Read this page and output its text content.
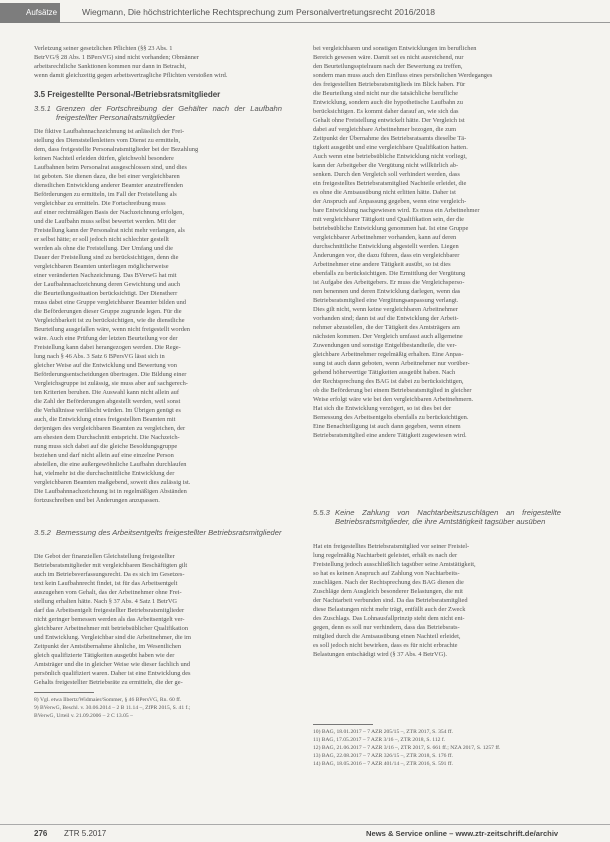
Aufsätze	Wiegmann, Die höchstrichterliche Rechtsprechung zum Personalvertretungsrecht 2016/2018
Verletzung seiner gesetzlichen Pflichten (§§ 23 Abs. 1
BetrVG/§ 28 Abs. 1 BPersVG) sind nicht vorhanden; Obmänner
arbeitsrechtliche Sanktionen kommen nur dann in Betracht,
wenn damit gleichzeitig gegen arbeitsvertragliche Pflichten verstoßen wird.
3.5 Freigestellte Personal-/Betriebsratsmitglieder
3.5.1 Grenzen der Fortschreibung der Gehälter nach der Laufbahn freigestellter Personalratsmitglieder
Die fiktive Laufbahnnachzeichnung ist anlässlich der Frei-
stellung des Dienststellenleiters vom Dienst zu ermitteln,
dem, dass freigestellte Personalratsmitglieder bei der Bezahlung
keinen Nachteil erleiden dürfen, gleichwohl besondere
Laufbahnen beim Personalrat ausgeschlossen sind, und dies
ist geboten. Sie dienen dazu, die bei einer vergleichbaren
dienstlichen Entwicklung anderer Beamter anzutreffenden
Beförderungen zu ermitteln, im Fall der Freistellung als
vergleichbar zu ermitteln. Die Fortschreibung muss
auf einer rechtmäßigen Basis der Nachzeichnung erfolgen,
und die Laufbahn muss selbst bewertet werden. Mit der
Freistellung kann der Personalrat nicht mehr verlangen, als
er selbst hätte; er soll jedoch nicht schlechter gestellt
werden als ohne die Freistellung. Der Umfang und die
Dauer der Freistellung sind zu berücksichtigen, denn die
vergleichbaren Beamten unterliegen möglicherweise
einer veränderten Nachzeichnung. Das BVerwG hat mit
der Laufbahnnachzeichnung deren Gewichtung und auch
die Beurteilungssituation berücksichtigt. Der Dienstherr
muss dabei eine Gruppe vergleichbarer Beamter bilden und
die Beförderungen dieser Gruppe zugrunde legen. Für die
Vergleichbarkeit ist zu berücksichtigen, wie die dienstliche
Beurteilung ausgefallen wäre, wenn nicht freigestellt worden
wäre. Auch eine Prüfung der letzten Beurteilung vor der
Freistellung kann dabei herangezogen werden. Die Rege-
lung nach § 46 Abs. 3 Satz 6 BPersVG lässt sich in
gleicher Weise auf die Entwicklung und Bewertung von
Beförderungsentscheidungen übertragen. Die Bildung einer
Vergleichsgruppe ist zulässig, sie muss aber auf sachgerech-
ten Kriterien beruhen. Die Auswahl kann nicht allein auf
die Zahl der Beförderungen abgestellt werden, weil sonst
die Verhältnisse verfälscht würden. Im Übrigen genügt es
auch, die Entwicklung eines freigestellten Beamten mit
derjenigen des vergleichbaren Beamten zu vergleichen, der
am ehesten dem Durchschnitt entspricht. Die Nachzeich-
nung muss sich dabei auf die gleiche Besoldungsgruppe
beziehen und darf nicht allein auf eine einzelne Person
abstellen, die eine außergewöhnliche Laufbahn durchlaufen
hat, vielmehr ist die durchschnittliche Entwicklung der
vergleichbaren Beamten maßgebend, soweit dies zulässig ist.
Die Laufbahnnachzeichnung ist in regelmäßigen Abständen
fortzuschreiben und bei Änderungen anzupassen.
3.5.2 Bemessung des Arbeitsentgelts freigestellter Betriebsratsmitglieder
Die Gebot der finanziellen Gleichstellung freigestellter
Betriebsratsmitglieder mit vergleichbaren Beschäftigten gilt
auch im Betriebsverfassungsrecht. Da es sich im Gesetzes-
text kein Laufbahnrecht findet, ist für das Arbeitsentgelt
auszugehen vom Gehalt, das der Arbeitnehmer ohne Frei-
stellung erhalten hätte. Nach § 37 Abs. 4 Satz 1 BetrVG
darf das Arbeitsentgelt freigestellter Betriebsratsmitglieder
nicht geringer bemessen werden als das Arbeitsentgelt ver-
gleichbarer Arbeitnehmer mit betriebsüblicher Qualifikation
und Entwicklung. Vergleichbar sind die Arbeitnehmer, die im
Zeitpunkt der Amtsübernahme ähnliche, im Wesentlichen
gleich qualifizierte Tätigkeiten ausgeübt haben wie der
Amtsträger und die in gleicher Weise wie dieser fachlich und
persönlich qualifiziert waren. Daher ist eine Entwicklung des
Gehalts freigestellter Betriebsräte zu ermitteln, die der ge-
8) Vgl. etwa Ilbertz/Widmaier/Sommer, § 46 BPersVG, Rn. 60 ff.
9) BVerwG, Beschl. v. 30.06.2014 – 2 B 11.14 –, ZfPR 2015, S. 41 f.;
BVerwG, Urteil v. 21.09.2006 – 2 C 13.05 –
bei vergleichbaren und sonstigen Entwicklungen im beruflichen
Bereich gewesen wäre. Damit sei es nicht ausreichend, nur
den Beurteilungsspielraum nach der Bewertung zu treffen,
sondern man muss auch den Einfluss eines persönlichen Werdeganges
des freigestellten Betriebsratsmitglieds im Blick haben. Für
die Beurteilung sind nicht nur die tatsächliche berufliche
Entwicklung, sondern auch die hypothetische Laufbahn zu
berücksichtigen. Es kommt daher darauf an, wie sich das
Gehalt ohne Freistellung entwickelt hätte. Der Vergleich ist
dabei auf vergleichbare Arbeitnehmer bezogen, die zum
Zeitpunkt der Übernahme des Betriebsratsamts dieselbe Tä-
tigkeit ausgeübt und eine vergleichbare Qualifikation hatten.
Auch wenn eine betriebsübliche Entwicklung nicht vorliegt,
kann der Arbeitgeber die Vergütung nicht willkürlich ab-
senken. Durch den Vergleich soll verhindert werden, dass
ein freigestelltes Betriebsratsmitglied Nachteile erleidet, die
es ohne die Amtsausübung nicht erlitten hätte. Daher ist
der Anspruch auf Anpassung gegeben, wenn eine vergleich-
bare Entwicklung nachgewiesen wird. Es muss ein Arbeitnehmer
mit vergleichbarer Tätigkeit und Qualifikation sein, der die
betriebsübliche Entwicklung genommen hat. Ist eine Gruppe
vergleichbarer Arbeitnehmer vorhanden, kann auf deren
durchschnittliche Entwicklung abgestellt werden. Liegen
Änderungen vor, die dazu führen, dass ein vergleichbarer
Arbeitnehmer eine andere Tätigkeit ausübt, so ist dies
ebenfalls zu berücksichtigen. Die Ermittlung der Vergütung
ist Aufgabe des Arbeitgebers. Er muss die Vergleichsperso-
nen benennen und deren Entwicklung darlegen, wenn das
Betriebsratsmitglied eine Vergütungsanpassung verlangt.
Dies gilt nicht, wenn keine vergleichbaren Arbeitnehmer
vorhanden sind; dann ist auf die Entwicklung der Arbeit-
nehmer abzustellen, die der Tätigkeit des Amtsträgers am
nächsten kommen. Der Vergleich umfasst auch allgemeine
Zuwendungen und sonstige Entgeltbestandteile, die ver-
gleichbare Arbeitnehmer regelmäßig erhalten. Eine Anpas-
sung ist auch dann geboten, wenn Arbeitnehmer nur vorüber-
gehend höherwertige Tätigkeiten ausgeübt haben. Nach
der Rechtsprechung des BAG ist dabei zu berücksichtigen,
ob die Beförderung bei einem Betriebsratsmitglied in gleicher
Weise erfolgt wäre wie bei den vergleichbaren Arbeitnehmern.
Hat sich die Entwicklung verzögert, so ist dies bei der
Bemessung des Arbeitsentgelts ebenfalls zu berücksichtigen.
Eine Benachteiligung ist auch dann gegeben, wenn einem
Betriebsratsmitglied eine andere Tätigkeit zugewiesen wird.
5.5.3 Keine Zahlung von Nachtarbeitszuschlägen an freigestellte Betriebsratsmitglieder, die ihre Amtstätigkeit tagsüber ausüben
Hat ein freigestelltes Betriebsratsmitglied vor seiner Freistel-
lung regelmäßig Nachtarbeit geleistet, erhält es nach der
Freistellung jedoch ausschließlich tagsüber seine Amtstätigkeit,
so hat es keinen Anspruch auf Zahlung von Nachtarbeits-
zuschlägen. Nach der Rechtsprechung des BAG dienen die
Zuschläge dem Ausgleich besonderer Belastungen, die mit
der Nachtarbeit verbunden sind. Da das Betriebsratsmitglied
diese Belastungen nicht mehr trägt, entfällt auch der Zweck
des Zuschlags. Das Lohnausfallprinzip steht dem nicht ent-
gegen, denn es soll nur verhindern, dass das Betriebsrats-
mitglied durch die Amtsausübung einen Nachteil erleidet,
es soll jedoch nicht bewirken, dass es für nicht erbrachte
Belastungen entschädigt wird (§ 37 Abs. 4 BetrVG).
10) BAG, 18.01.2017 – 7 AZR 205/15 –, ZTR 2017, S. 354 ff.
11) BAG, 17.05.2017 – 7 AZR 3/16 –, ZTR 2018, S. 112 f.
12) BAG, 21.06.2017 – 7 AZR 3/16 –, ZTR 2017, S. 661 ff.; NZA 2017, S. 1257 ff.
13) BAG, 22.08.2017 – 7 AZR 326/15 –, ZTR 2018, S. 176 ff.
14) BAG, 18.05.2016 – 7 AZR 401/14 –, ZTR 2016, S. 591 ff.
276 ZTR 5.2017	News & Service online – www.ztr-zeitschrift.de/archiv
